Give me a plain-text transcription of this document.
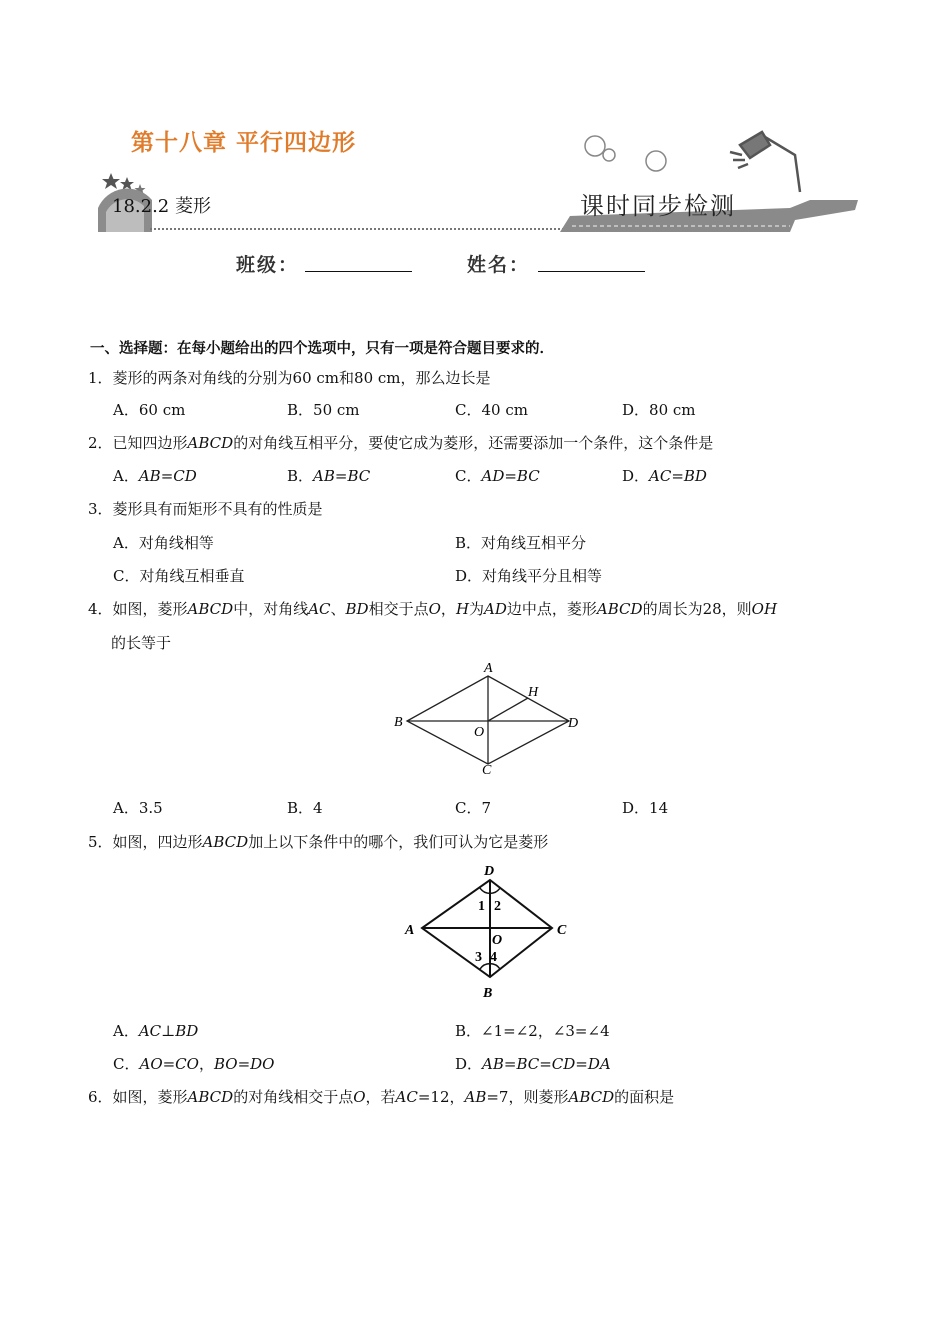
第十八章 平行四边形
18.2.2 菱形	课时同步检测
班级：	姓名：
一、选择题：在每小题给出的四个选项中，只有一项是符合题目要求的．
1．菱形的两条对角线的分别为60 cm和80 cm，那么边长是
A．60 cm	B．50 cm	C．40 cm	D．80 cm
2．已知四边形ABCD的对角线互相平分，要使它成为菱形，还需要添加一个条件，这个条件是
A．AB=CD	B．AB=BC	C．AD=BC	D．AC=BD
3．菱形具有而矩形不具有的性质是
A．对角线相等	B．对角线互相平分
C．对角线互相垂直	D．对角线平分且相等
4．如图，菱形ABCD中，对角线AC、BD相交于点O，H为AD边中点，菱形ABCD的周长为28，则OH
的长等于
A
H
B	D
O
C
A．3.5	B．4	C．7	D．14
5．如图，四边形ABCD加上以下条件中的哪个，我们可认为它是菱形
D
A	C
O
B
1 2
3 4
A．AC⊥BD	B．∠1=∠2，∠3=∠4
C．AO=CO，BO=DO	D．AB=BC=CD=DA
6．如图，菱形ABCD的对角线相交于点O，若AC=12，AB=7，则菱形ABCD的面积是
